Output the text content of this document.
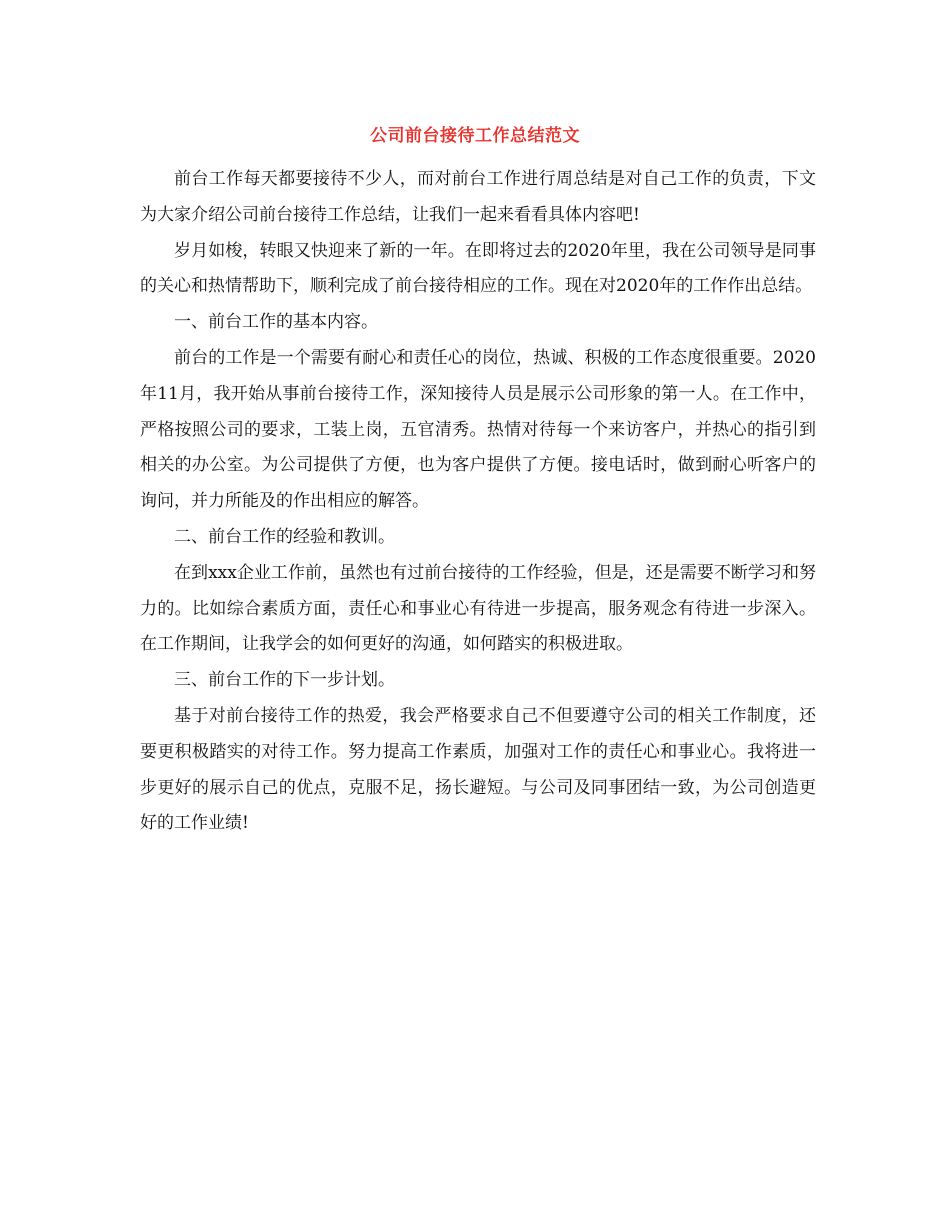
公司前台接待工作总结范文

前台工作每天都要接待不少人，而对前台工作进行周总结是对自己工作的负责，下文为大家介绍公司前台接待工作总结，让我们一起来看看具体内容吧!

岁月如梭，转眼又快迎来了新的一年。在即将过去的2020年里，我在公司领导是同事的关心和热情帮助下，顺利完成了前台接待相应的工作。现在对2020年的工作作出总结。

一、前台工作的基本内容。

前台的工作是一个需要有耐心和责任心的岗位，热诚、积极的工作态度很重要。2020年11月，我开始从事前台接待工作，深知接待人员是展示公司形象的第一人。在工作中，严格按照公司的要求，工装上岗，五官清秀。热情对待每一个来访客户，并热心的指引到相关的办公室。为公司提供了方便，也为客户提供了方便。接电话时，做到耐心听客户的询问，并力所能及的作出相应的解答。

二、前台工作的经验和教训。

在到xxx企业工作前，虽然也有过前台接待的工作经验，但是，还是需要不断学习和努力的。比如综合素质方面，责任心和事业心有待进一步提高，服务观念有待进一步深入。在工作期间，让我学会的如何更好的沟通，如何踏实的积极进取。

三、前台工作的下一步计划。

基于对前台接待工作的热爱，我会严格要求自己不但要遵守公司的相关工作制度，还要更积极踏实的对待工作。努力提高工作素质，加强对工作的责任心和事业心。我将进一步更好的展示自己的优点，克服不足，扬长避短。与公司及同事团结一致，为公司创造更好的工作业绩!
